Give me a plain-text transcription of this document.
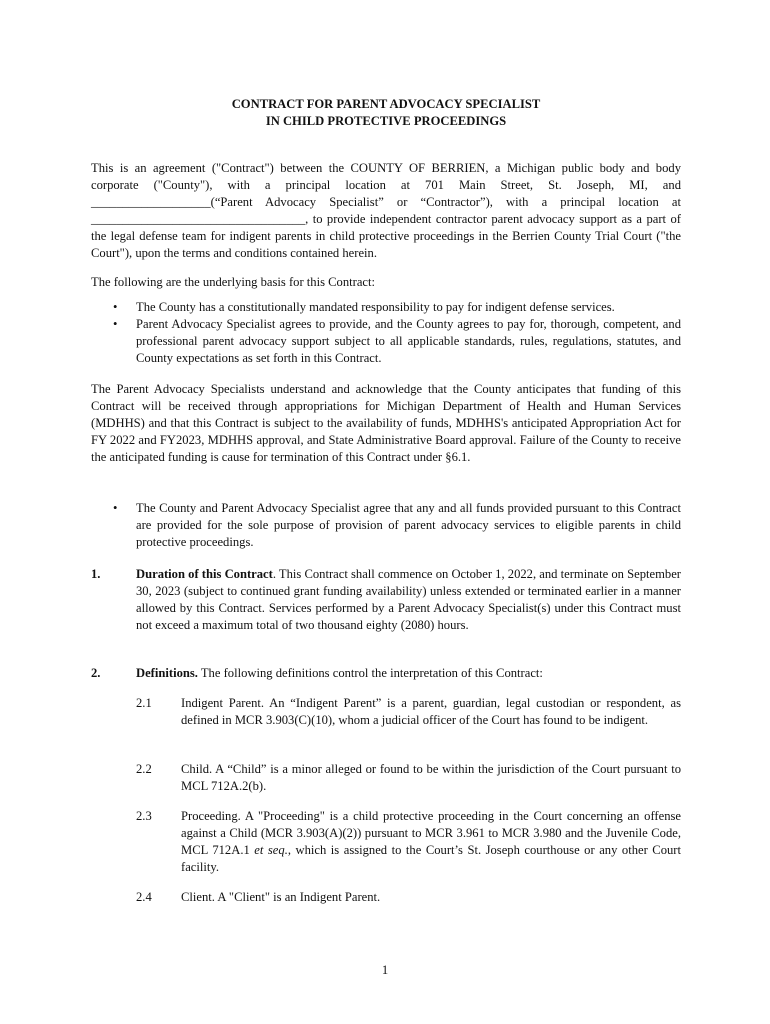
CONTRACT FOR PARENT ADVOCACY SPECIALIST
IN CHILD PROTECTIVE PROCEEDINGS

This is an agreement ("Contract") between the COUNTY OF BERRIEN, a Michigan public body and body corporate ("County"), with a principal location at 701 Main Street, St. Joseph, MI, and ___________________(“Parent Advocacy Specialist” or “Contractor”), with a principal location at __________________________________, to provide independent contractor parent advocacy support as a part of the legal defense team for indigent parents in child protective proceedings in the Berrien County Trial Court ("the Court"), upon the terms and conditions contained herein.

The following are the underlying basis for this Contract:

• The County has a constitutionally mandated responsibility to pay for indigent defense services.
• Parent Advocacy Specialist agrees to provide, and the County agrees to pay for, thorough, competent, and professional parent advocacy support subject to all applicable standards, rules, regulations, statutes, and County expectations as set forth in this Contract.

The Parent Advocacy Specialists understand and acknowledge that the County anticipates that funding of this Contract will be received through appropriations for Michigan Department of Health and Human Services (MDHHS) and that this Contract is subject to the availability of funds, MDHHS's anticipated Appropriation Act for FY 2022 and FY2023, MDHHS approval, and State Administrative Board approval. Failure of the County to receive the anticipated funding is cause for termination of this Contract under §6.1.

• The County and Parent Advocacy Specialist agree that any and all funds provided pursuant to this Contract are provided for the sole purpose of provision of parent advocacy services to eligible parents in child protective proceedings.
1.	Duration of this Contract. This Contract shall commence on October 1, 2022, and terminate on September 30, 2023 (subject to continued grant funding availability) unless extended or terminated earlier in a manner allowed by this Contract. Services performed by a Parent Advocacy Specialist(s) under this Contract must not exceed a maximum total of two thousand eighty (2080) hours.
2.	Definitions. The following definitions control the interpretation of this Contract:
2.1 Indigent Parent. An “Indigent Parent” is a parent, guardian, legal custodian or respondent, as defined in MCR 3.903(C)(10), whom a judicial officer of the Court has found to be indigent.
2.2 Child. A “Child” is a minor alleged or found to be within the jurisdiction of the Court pursuant to MCL 712A.2(b).
2.3 Proceeding. A "Proceeding" is a child protective proceeding in the Court concerning an offense against a Child (MCR 3.903(A)(2)) pursuant to MCR 3.961 to MCR 3.980 and the Juvenile Code, MCL 712A.1 et seq., which is assigned to the Court’s St. Joseph courthouse or any other Court facility.
2.4 Client. A "Client" is an Indigent Parent.
1
